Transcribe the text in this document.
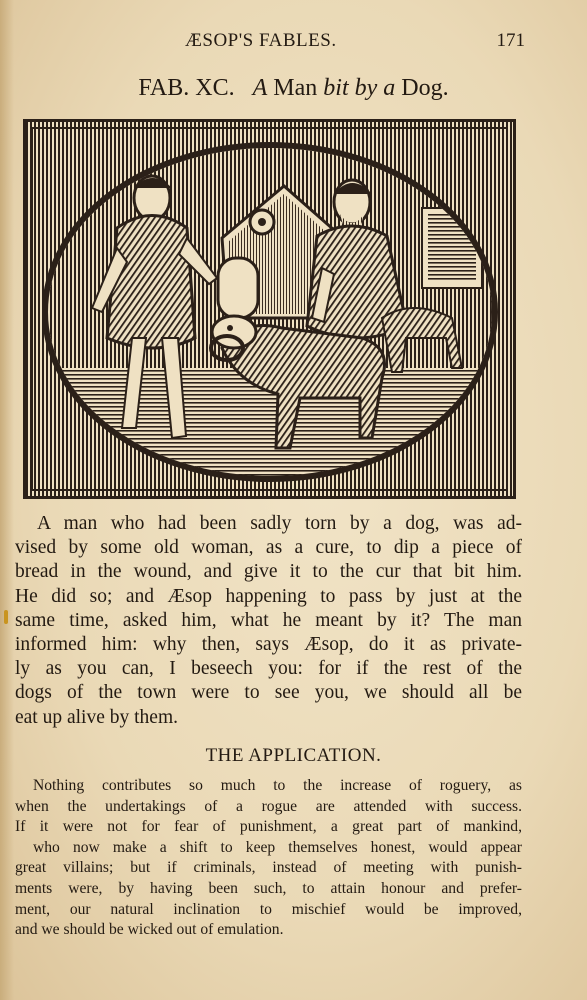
ÆSOP'S FABLES.	171
FAB. XC. A Man bit by a Dog.
A man who had been sadly torn by a dog, was ad-
vised by some old woman, as a cure, to dip a piece of
bread in the wound, and give it to the cur that bit him.
He did so; and Æsop happening to pass by just at the
same time, asked him, what he meant by it? The man
informed him: why then, says Æsop, do it as private-
ly as you can, I beseech you: for if the rest of the
dogs of the town were to see you, we should all be
eat up alive by them.
THE APPLICATION.
Nothing contributes so much to the increase of roguery, as
when the undertakings of a rogue are attended with success.
If it were not for fear of punishment, a great part of mankind,
who now make a shift to keep themselves honest, would appear
great villains; but if criminals, instead of meeting with punish-
ments were, by having been such, to attain honour and prefer-
ment, our natural inclination to mischief would be improved,
and we should be wicked out of emulation.
